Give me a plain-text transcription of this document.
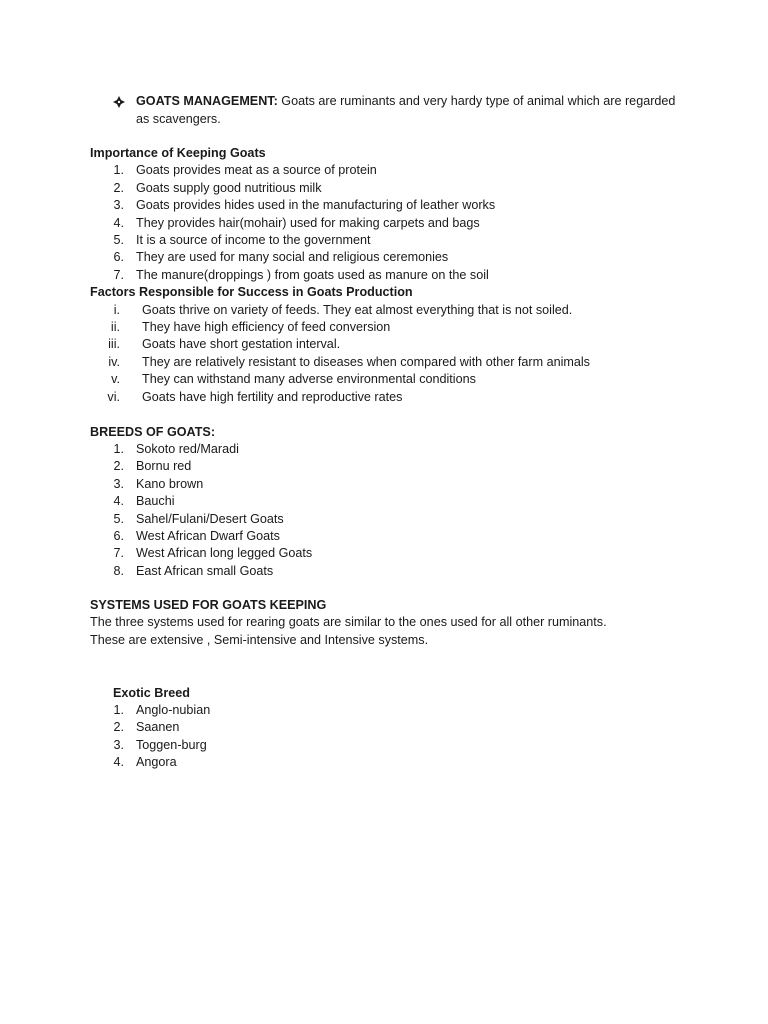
GOATS MANAGEMENT: Goats are ruminants and very hardy type of animal which are regarded
as scavengers.
Importance of Keeping Goats
1. Goats provides meat as a source of protein
2. Goats supply good nutritious milk
3. Goats provides hides used in the manufacturing of leather works
4. They provides hair(mohair) used for making carpets and bags
5. It is a source of income to the government
6. They are used for many social and religious ceremonies
7. The manure(droppings ) from goats used as manure on the soil
Factors Responsible for Success in Goats Production
i. Goats thrive on variety of feeds. They eat almost everything that is not soiled.
ii. They have high efficiency of feed conversion
iii. Goats have short gestation interval.
iv. They are relatively resistant to diseases when compared with other farm animals
v. They can withstand many adverse environmental conditions
vi. Goats have high fertility and reproductive rates
BREEDS OF GOATS:
1. Sokoto red/Maradi
2. Bornu red
3. Kano brown
4. Bauchi
5. Sahel/Fulani/Desert Goats
6. West African Dwarf Goats
7. West African long legged Goats
8. East African small Goats
SYSTEMS USED FOR GOATS KEEPING
The three systems used for rearing goats are similar to the ones used for all other ruminants.
These are extensive , Semi-intensive and Intensive systems.
Exotic Breed
1. Anglo-nubian
2. Saanen
3. Toggen-burg
4. Angora
